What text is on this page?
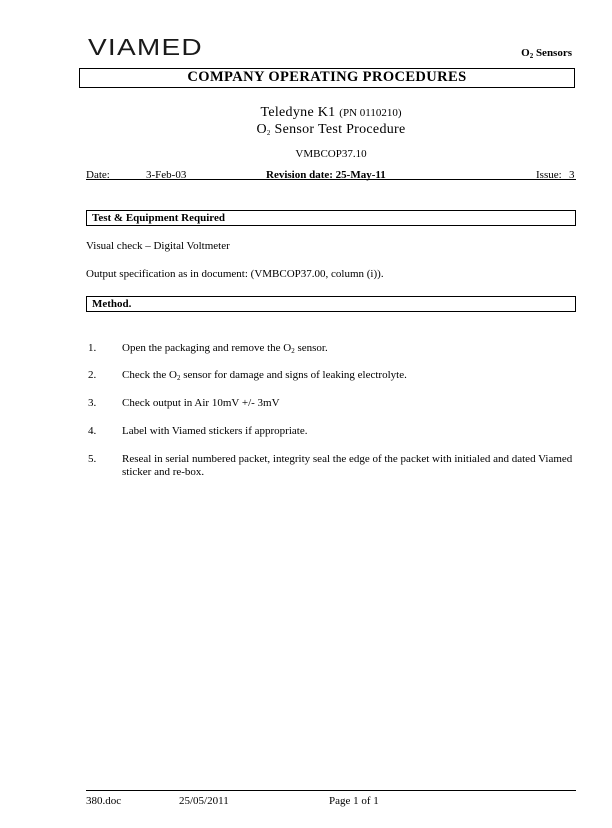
VIAMED	$O_2$ Sensors
COMPANY OPERATING PROCEDURES
Teledyne K1 (PN 0110210)
$O_2$ Sensor Test Procedure
VMBCOP37.10
Date:	3-Feb-03	Revision date: 25-May-11	Issue: 3
Test & Equipment Required
Visual check – Digital Voltmeter
Output specification as in document: (VMBCOP37.00, column (i)).
Method.
1. Open the packaging and remove the $O_2$ sensor.
2. Check the $O_2$ sensor for damage and signs of leaking electrolyte.
3. Check output in Air 10mV +/- 3mV
4. Label with Viamed stickers if appropriate.
5. Reseal in serial numbered packet, integrity seal the edge of the packet with initialed and dated Viamed sticker and re-box.
380.doc	25/05/2011	Page 1 of 1
